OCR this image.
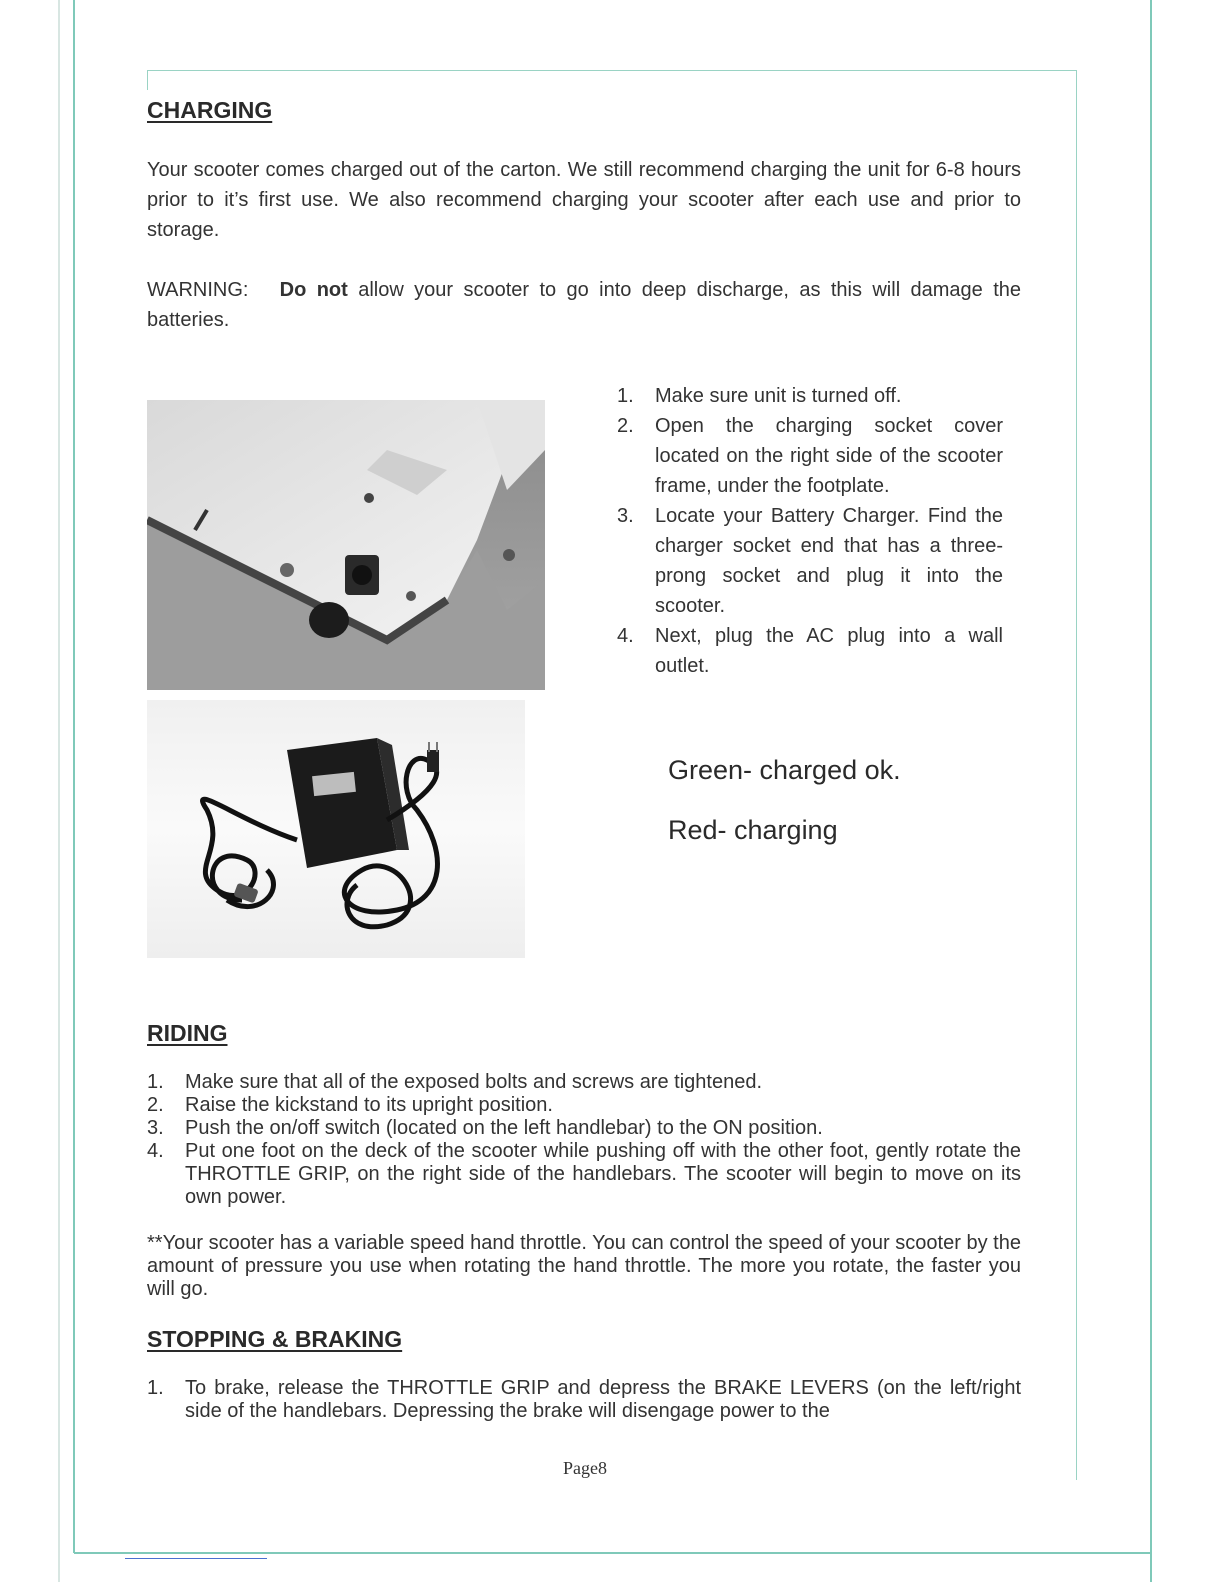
CHARGING

Your scooter comes charged out of the carton. We still recommend charging the unit for 6-8 hours prior to it’s first use. We also recommend charging your scooter after each use and prior to storage.

WARNING: Do not allow your scooter to go into deep discharge, as this will damage the batteries.

1. Make sure unit is turned off.
2. Open the charging socket cover located on the right side of the scooter frame, under the footplate.
3. Locate your Battery Charger. Find the charger socket end that has a three-prong socket and plug it into the scooter.
4. Next, plug the AC plug into a wall outlet.

Green- charged ok.

Red- charging

RIDING
1. Make sure that all of the exposed bolts and screws are tightened.
2. Raise the kickstand to its upright position.
3. Push the on/off switch (located on the left handlebar) to the ON position.
4. Put one foot on the deck of the scooter while pushing off with the other foot, gently rotate the THROTTLE GRIP, on the right side of the handlebars. The scooter will begin to move on its own power.

**Your scooter has a variable speed hand throttle. You can control the speed of your scooter by the amount of pressure you use when rotating the hand throttle. The more you rotate, the faster you will go.

STOPPING & BRAKING
1. To brake, release the THROTTLE GRIP and depress the BRAKE LEVERS (on the left/right side of the handlebars. Depressing the brake will disengage power to the
Page8
